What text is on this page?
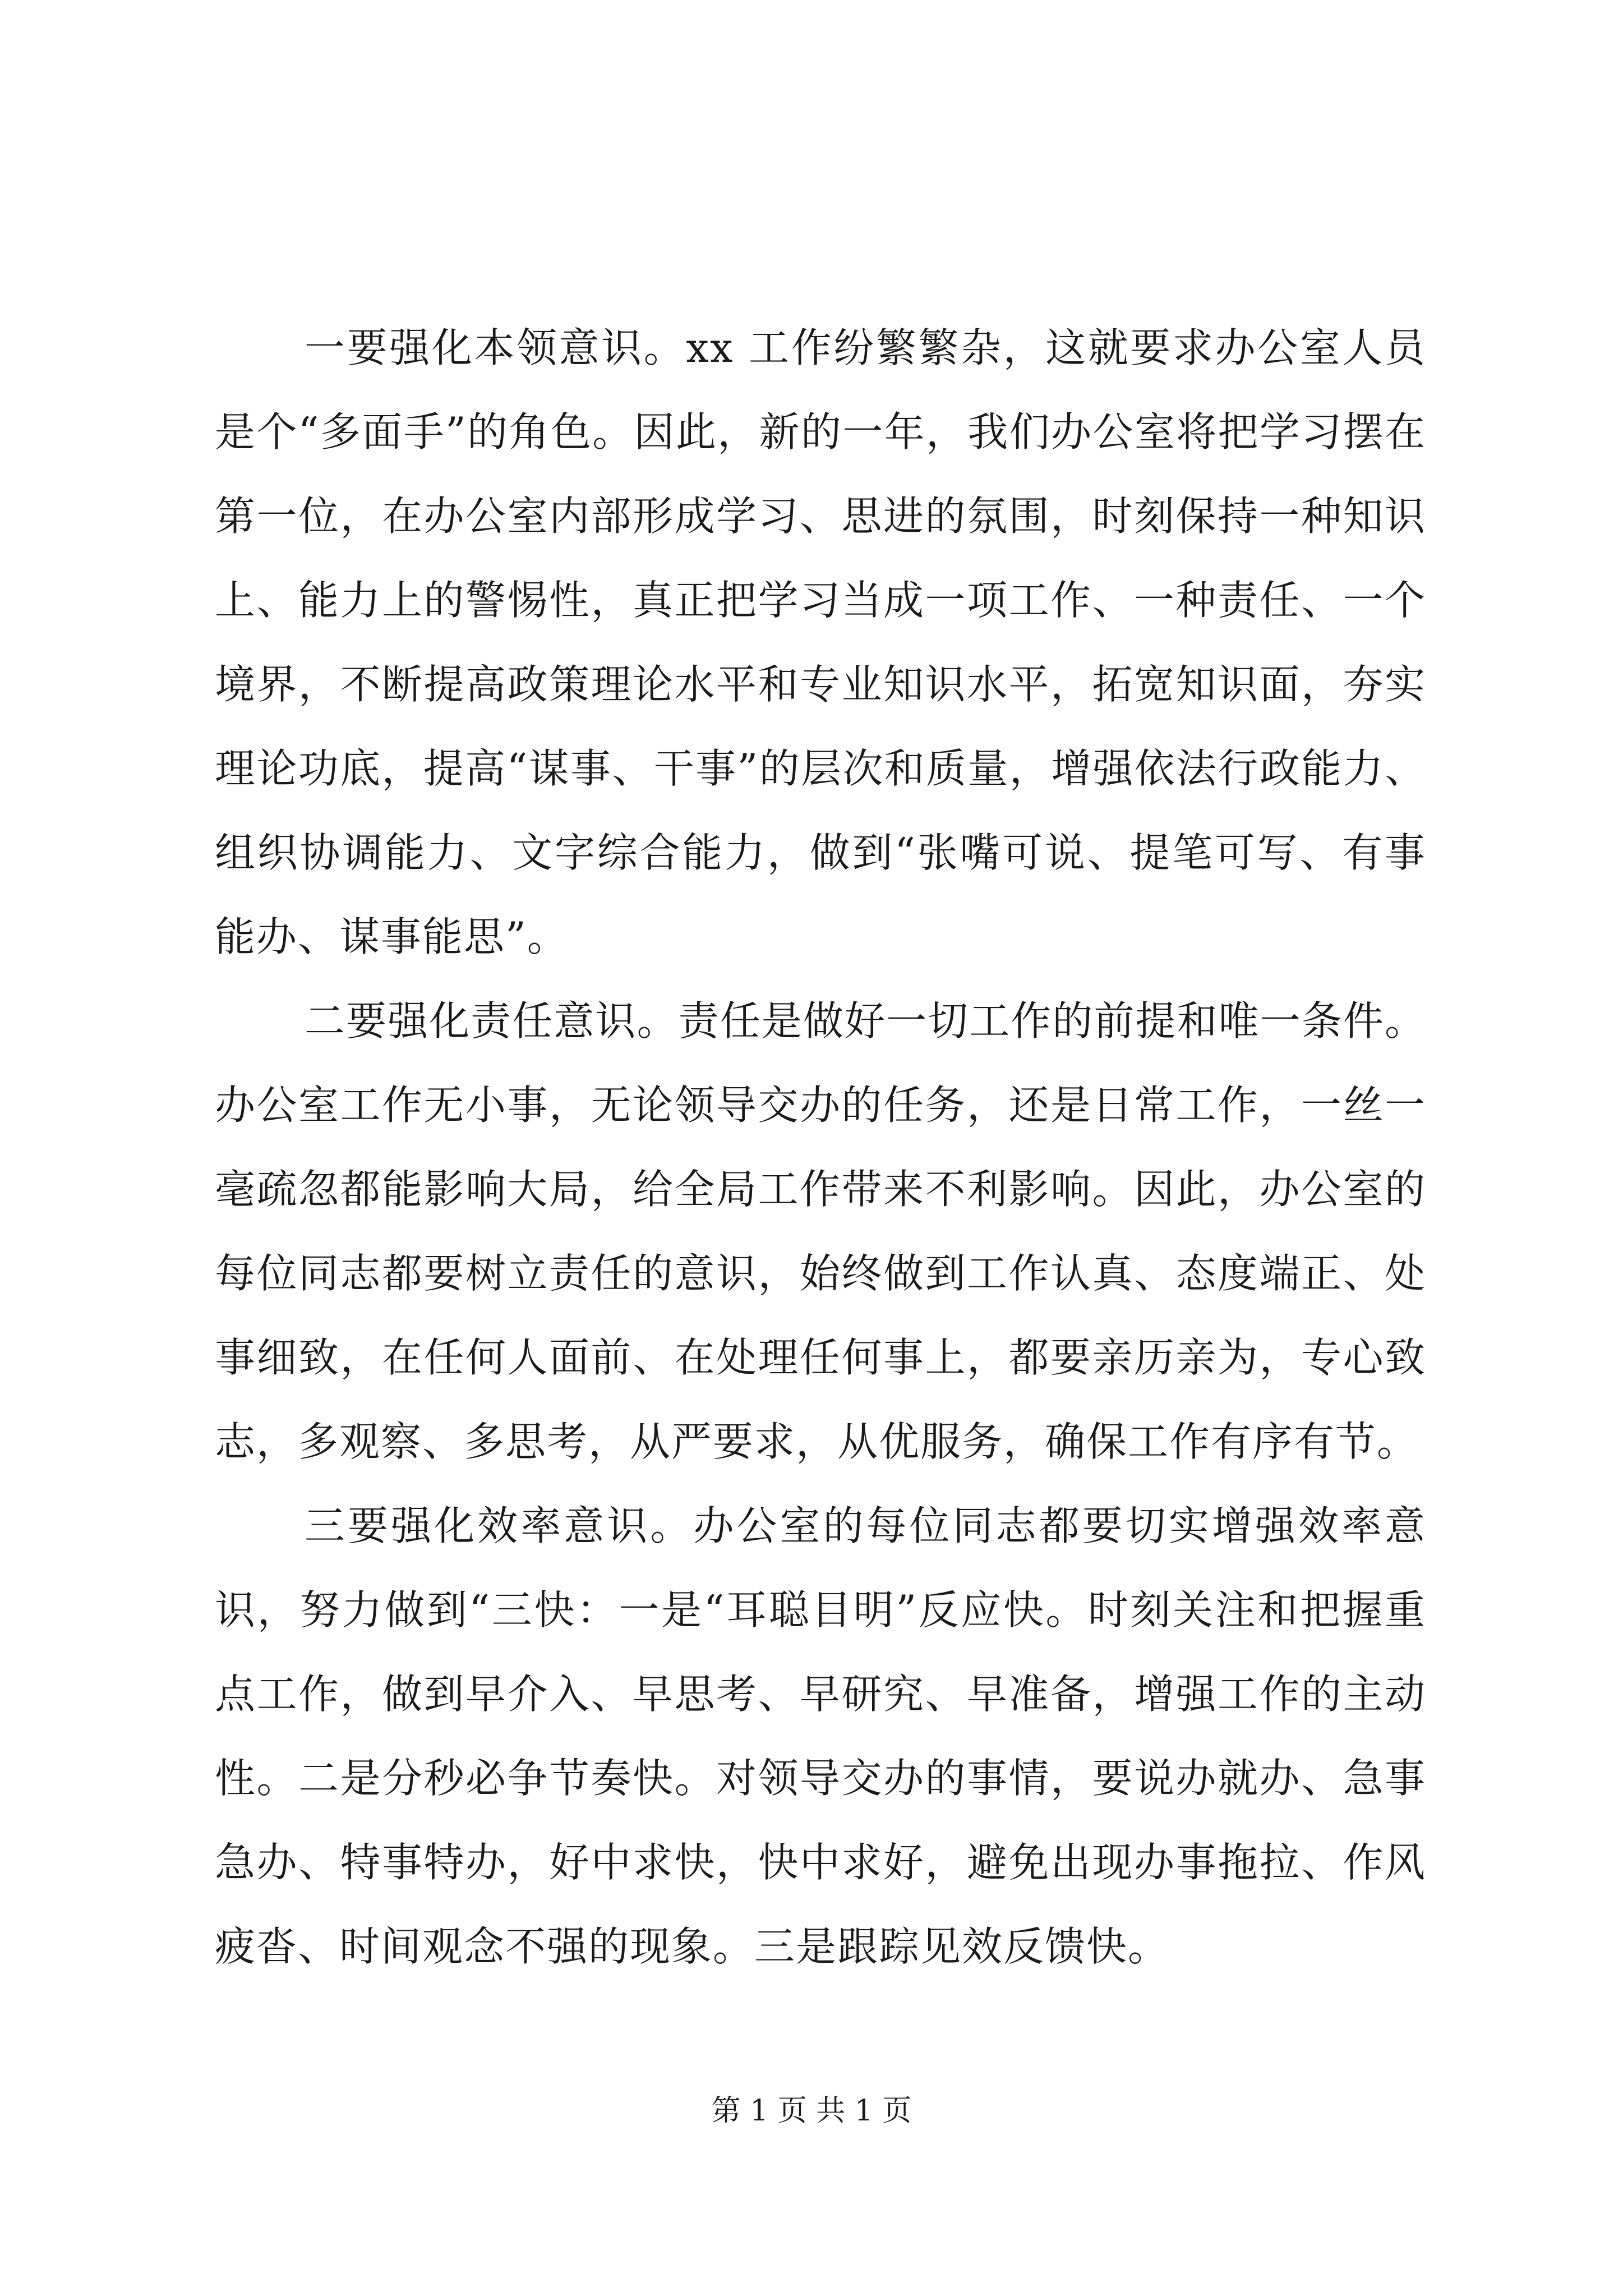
一要强化本领意识。xx 工作纷繁繁杂，这就要求办公室人员是个“多面手”的角色。因此，新的一年，我们办公室将把学习摆在第一位，在办公室内部形成学习、思进的氛围，时刻保持一种知识上、能力上的警惕性，真正把学习当成一项工作、一种责任、一个境界，不断提高政策理论水平和专业知识水平，拓宽知识面，夯实理论功底，提高“谋事、干事”的层次和质量，增强依法行政能力、组织协调能力、文字综合能力，做到“张嘴可说、提笔可写、有事能办、谋事能思”。

二要强化责任意识。责任是做好一切工作的前提和唯一条件。办公室工作无小事，无论领导交办的任务，还是日常工作，一丝一毫疏忽都能影响大局，给全局工作带来不利影响。因此，办公室的每位同志都要树立责任的意识，始终做到工作认真、态度端正、处事细致，在任何人面前、在处理任何事上，都要亲历亲为，专心致志，多观察、多思考，从严要求，从优服务，确保工作有序有节。

三要强化效率意识。办公室的每位同志都要切实增强效率意识，努力做到“三快：一是“耳聪目明”反应快。时刻关注和把握重点工作，做到早介入、早思考、早研究、早准备，增强工作的主动性。二是分秒必争节奏快。对领导交办的事情，要说办就办、急事急办、特事特办，好中求快，快中求好，避免出现办事拖拉、作风疲沓、时间观念不强的现象。三是跟踪见效反馈快。

第 1 页 共 1 页
